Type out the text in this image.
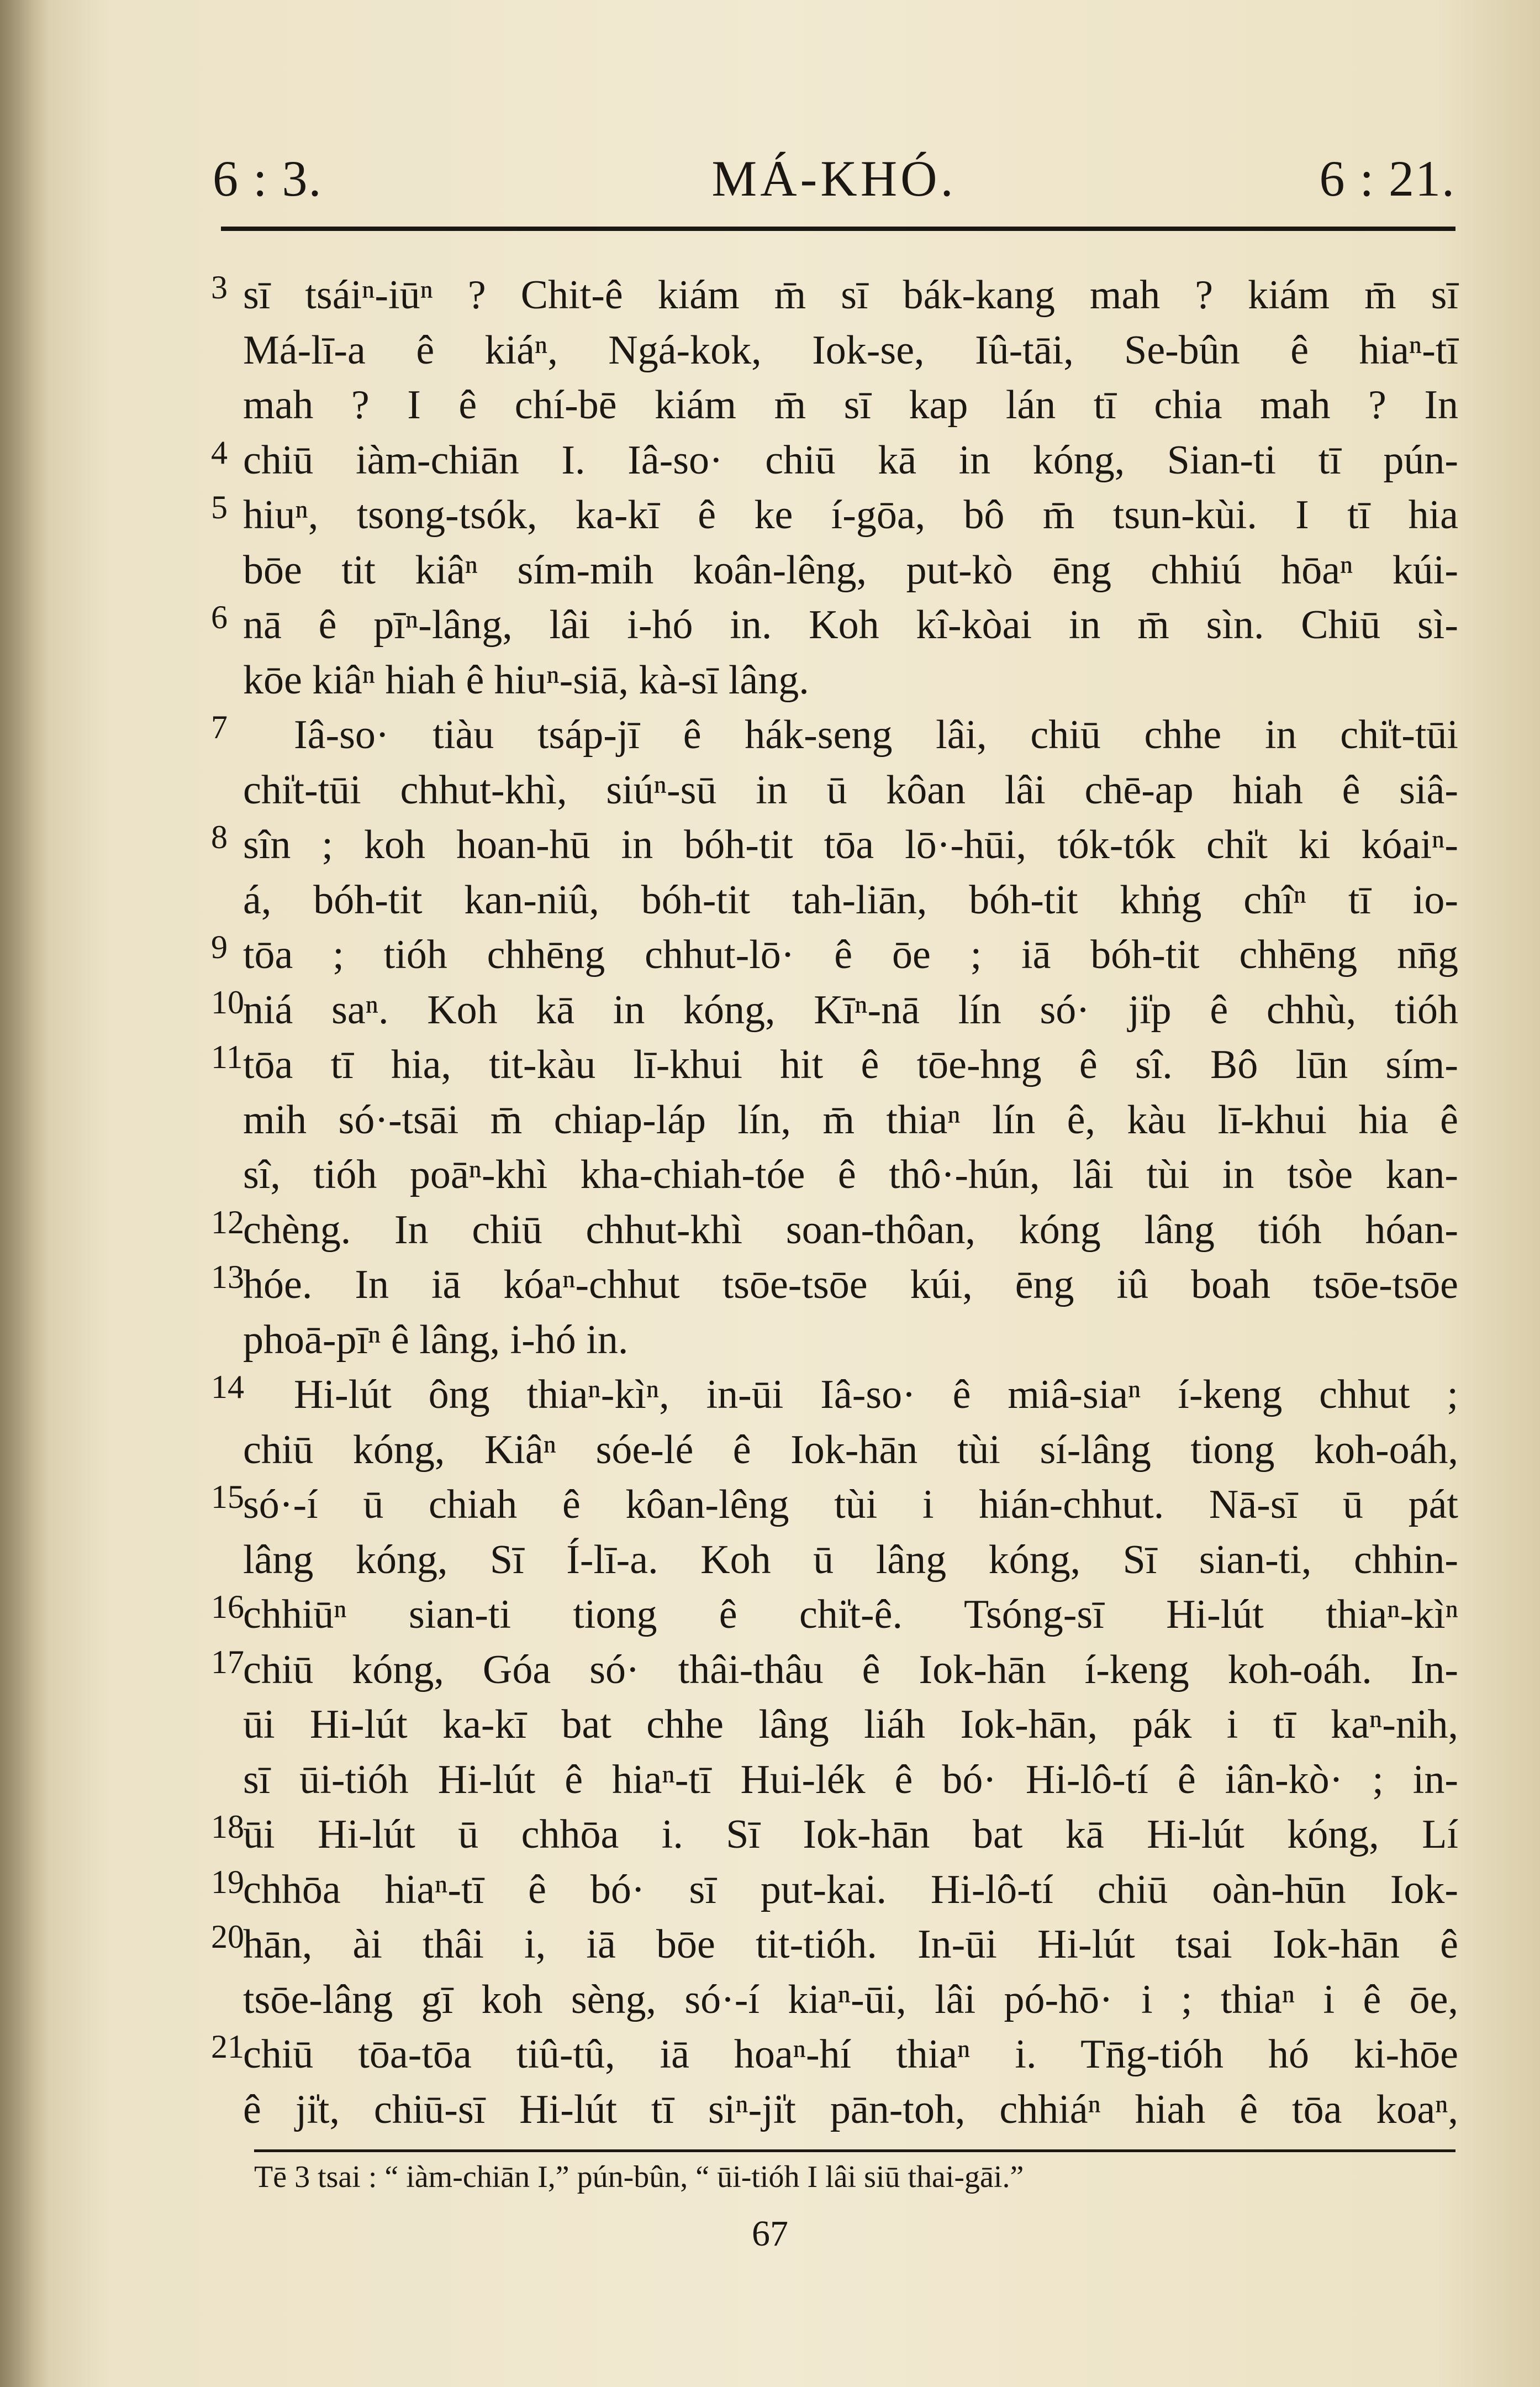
6 : 3.	MÁ-KHÓ.	6 : 21.
3 sī tsáiⁿ-iūⁿ ? Chit-ê kiám m̄ sī bák-kang mah ? kiám m̄ sī
Má-lī-a ê kiáⁿ, Ngá-kok, Iok-se, Iû-tāi, Se-bûn ê hiaⁿ-tī
mah ? I ê chí-bē kiám m̄ sī kap lán tī chia mah ? In
4 chiū iàm-chiān I. Iâ-so· chiū kā in kóng, Sian-ti tī pún-
5 hiuⁿ, tsong-tsók, ka-kī ê ke í-gōa, bô m̄ tsun-kùi. I tī hia
bōe tit kiâⁿ sím-mih koân-lêng, put-kò ēng chhiú hōaⁿ kúi-
6 nā ê pīⁿ-lâng, lâi i-hó in. Koh kî-kòai in m̄ sìn. Chiū sì-
kōe kiâⁿ hiah ê hiuⁿ-siā, kà-sī lâng.
7	Iâ-so· tiàu tsáp-jī ê hák-seng lâi, chiū chhe in chi̍t-tūi
chi̍t-tūi chhut-khì, siúⁿ-sū in ū kôan lâi chē-ap hiah ê siâ-
8 sîn ; koh hoan-hū in bóh-tit tōa lō·-hūi, tók-tók chi̍t ki kóaiⁿ-
á, bóh-tit kan-niû, bóh-tit tah-liān, bóh-tit khṅg chîⁿ tī io-
9 tōa ; tióh chhēng chhut-lō· ê ōe ; iā bóh-tit chhēng nn̄g
10
niá saⁿ. Koh kā in kóng, Kīⁿ-nā lín só· ji̍p ê chhù, tióh
11 tōa tī hia, tit-kàu lī-khui hit ê tōe-hng ê sî. Bô lūn sím-
mih só·-tsāi m̄ chiap-láp lín, m̄ thiaⁿ lín ê, kàu lī-khui hia ê
sî, tióh poāⁿ-khì kha-chiah-tóe ê thô·-hún, lâi tùi in tsòe kan-
12
chèng. In chiū chhut-khì soan-thôan, kóng lâng tióh hóan-
13
hóe. In iā kóaⁿ-chhut tsōe-tsōe kúi, ēng iû boah tsōe-tsōe
phoā-pīⁿ ê lâng, i-hó in.
14	Hi-lút ông thiaⁿ-kìⁿ, in-ūi Iâ-so· ê miâ-siaⁿ í-keng chhut ;
chiū kóng, Kiâⁿ sóe-lé ê Iok-hān tùi sí-lâng tiong koh-oáh,
15
só·-í ū chiah ê kôan-lêng tùi i hián-chhut. Nā-sī ū pát
lâng kóng, Sī Í-lī-a. Koh ū lâng kóng, Sī sian-ti, chhin-
16
chhiūⁿ sian-ti tiong ê chi̍t-ê. Tsóng-sī Hi-lút thiaⁿ-kìⁿ
17
chiū kóng, Góa só· thâi-thâu ê Iok-hān í-keng koh-oáh. In-
ūi Hi-lút ka-kī bat chhe lâng liáh Iok-hān, pák i tī kaⁿ-nih,
sī ūi-tióh Hi-lút ê hiaⁿ-tī Hui-lék ê bó· Hi-lô-tí ê iân-kò· ; in-
18
ūi Hi-lút ū chhōa i. Sī Iok-hān bat kā Hi-lút kóng, Lí
19
chhōa hiaⁿ-tī ê bó· sī put-kai. Hi-lô-tí chiū oàn-hūn Iok-
20
hān, ài thâi i, iā bōe tit-tióh. In-ūi Hi-lút tsai Iok-hān ê
tsōe-lâng gī koh sèng, só·-í kiaⁿ-ūi, lâi pó-hō· i ; thiaⁿ i ê ōe,
21
chiū tōa-tōa tiû-tû, iā hoaⁿ-hí thiaⁿ i. Tn̄g-tióh hó ki-hōe
ê ji̍t, chiū-sī Hi-lút tī siⁿ-ji̍t pān-toh, chhiáⁿ hiah ê tōa koaⁿ,
Tē 3 tsai : “ iàm-chiān I,” pún-bûn, “ ūi-tióh I lâi siū thai-gāi.”
67
